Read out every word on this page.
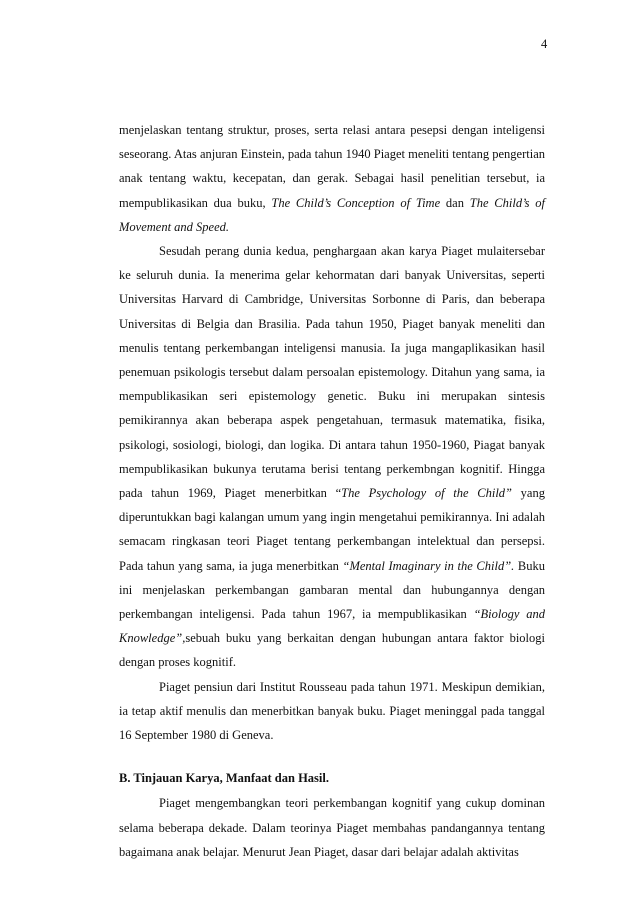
4

menjelaskan tentang struktur, proses, serta relasi antara pesepsi dengan inteligensi seseorang. Atas anjuran Einstein, pada tahun 1940 Piaget meneliti tentang pengertian anak tentang waktu, kecepatan, dan gerak. Sebagai hasil penelitian tersebut, ia mempublikasikan dua buku, The Child’s Conception of Time dan The Child’s of Movement and Speed.

Sesudah perang dunia kedua, penghargaan akan karya Piaget mulaitersebar ke seluruh dunia. Ia menerima gelar kehormatan dari banyak Universitas, seperti Universitas Harvard di Cambridge, Universitas Sorbonne di Paris, dan beberapa Universitas di Belgia dan Brasilia. Pada tahun 1950, Piaget banyak meneliti dan menulis tentang perkembangan inteligensi manusia. Ia juga mangaplikasikan hasil penemuan psikologis tersebut dalam persoalan epistemology. Ditahun yang sama, ia mempublikasikan seri epistemology genetic. Buku ini merupakan sintesis pemikirannya akan beberapa aspek pengetahuan, termasuk matematika, fisika, psikologi, sosiologi, biologi, dan logika. Di antara tahun 1950-1960, Piagat banyak mempublikasikan bukunya terutama berisi tentang perkembngan kognitif. Hingga pada tahun 1969, Piaget menerbitkan “The Psychology of the Child” yang diperuntukkan bagi kalangan umum yang ingin mengetahui pemikirannya. Ini adalah semacam ringkasan teori Piaget tentang perkembangan intelektual dan persepsi. Pada tahun yang sama, ia juga menerbitkan “Mental Imaginary in the Child”. Buku ini menjelaskan perkembangan gambaran mental dan hubungannya dengan perkembangan inteligensi. Pada tahun 1967, ia mempublikasikan “Biology and Knowledge”,sebuah buku yang berkaitan dengan hubungan antara faktor biologi dengan proses kognitif.

Piaget pensiun dari Institut Rousseau pada tahun 1971. Meskipun demikian, ia tetap aktif menulis dan menerbitkan banyak buku. Piaget meninggal pada tanggal 16 September 1980 di Geneva.

B. Tinjauan Karya, Manfaat dan Hasil.

Piaget mengembangkan teori perkembangan kognitif yang cukup dominan selama beberapa dekade. Dalam teorinya Piaget membahas pandangannya tentang bagaimana anak belajar. Menurut Jean Piaget, dasar dari belajar adalah aktivitas
